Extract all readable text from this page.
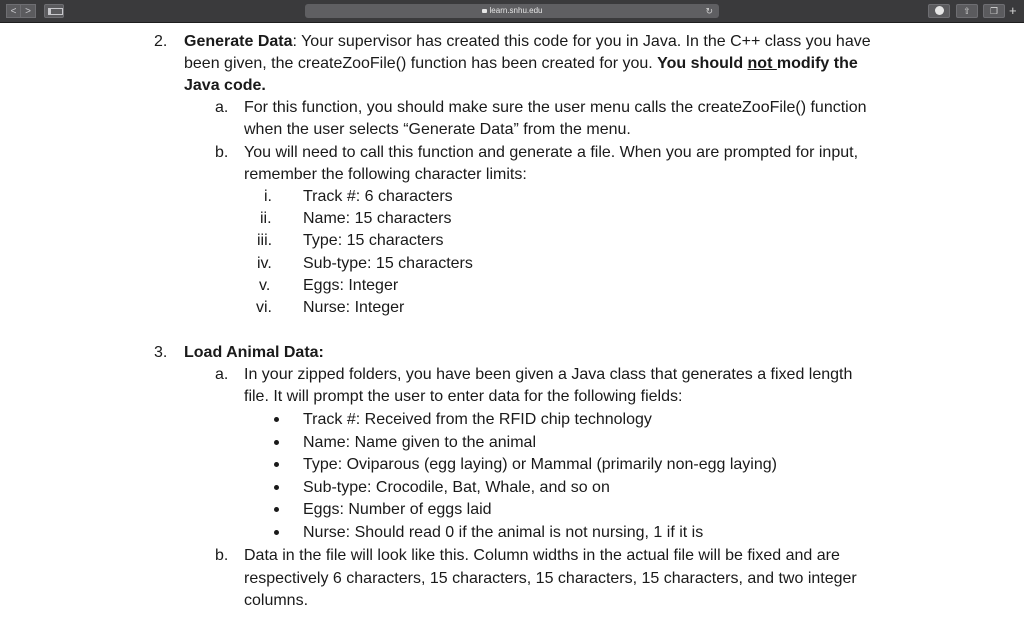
< >	learn.snhu.edu	↻	⇧	❐ +
2. Generate Data: Your supervisor has created this code for you in Java. In the C++ class you have
been given, the createZooFile() function has been created for you. You should not modify the
Java code.
a. For this function, you should make sure the user menu calls the createZooFile() function
when the user selects “Generate Data” from the menu.
b. You will need to call this function and generate a file. When you are prompted for input,
remember the following character limits:
i. Track #: 6 characters
ii. Name: 15 characters
iii. Type: 15 characters
iv. Sub-type: 15 characters
v. Eggs: Integer
vi. Nurse: Integer
3. Load Animal Data:
a. In your zipped folders, you have been given a Java class that generates a fixed length
file. It will prompt the user to enter data for the following fields:
Track #: Received from the RFID chip technology
Name: Name given to the animal
Type: Oviparous (egg laying) or Mammal (primarily non-egg laying)
Sub-type: Crocodile, Bat, Whale, and so on
Eggs: Number of eggs laid
Nurse: Should read 0 if the animal is not nursing, 1 if it is
b. Data in the file will look like this. Column widths in the actual file will be fixed and are
respectively 6 characters, 15 characters, 15 characters, 15 characters, and two integer
columns.
